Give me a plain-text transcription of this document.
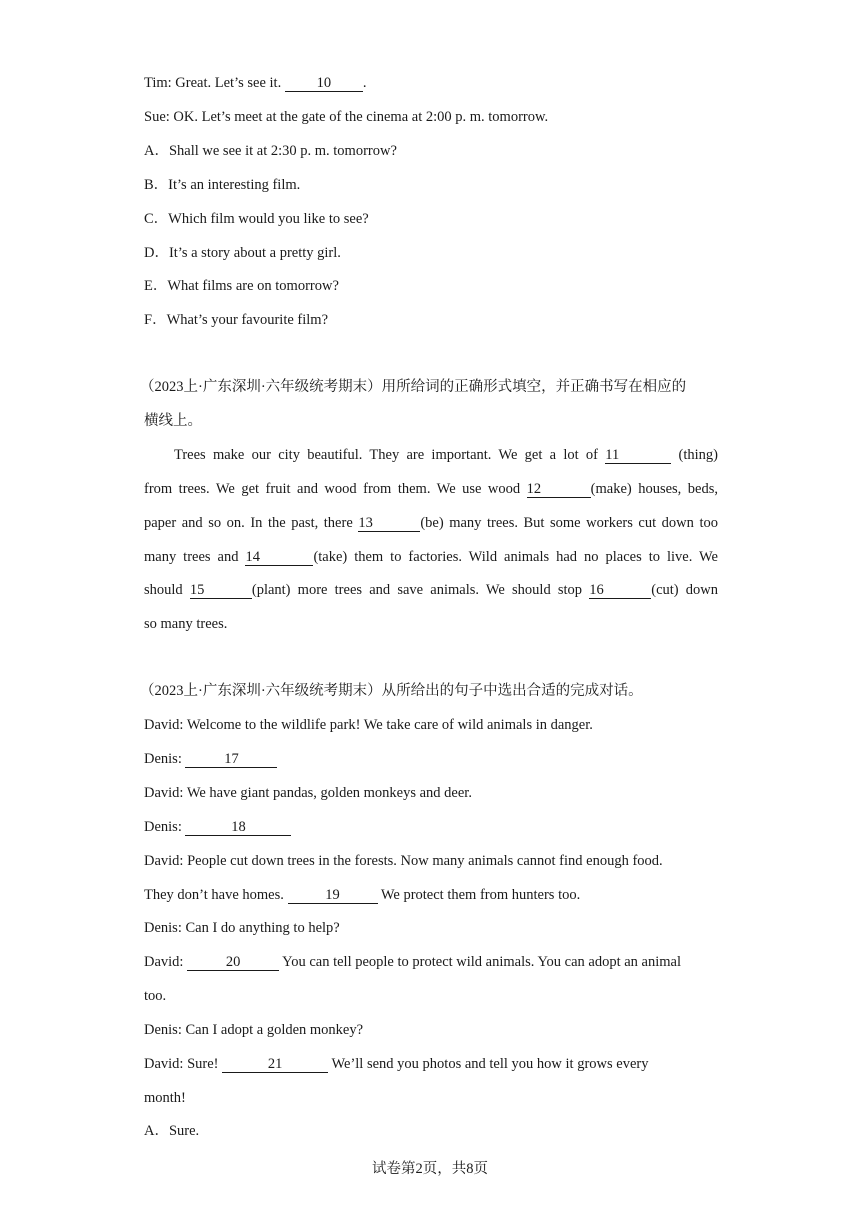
Tim: Great. Let’s see it. 10 .
Sue: OK. Let’s meet at the gate of the cinema at 2:00 p. m. tomorrow.
A．Shall we see it at 2:30 p. m. tomorrow?
B．It’s an interesting film.
C．Which film would you like to see?
D．It’s a story about a pretty girl.
E．What films are on tomorrow?
F．What’s your favourite film?
（2023上·广东深圳·六年级统考期末）用所给词的正确形式填空，并正确书写在相应的
横线上。
Trees make our city beautiful. They are important. We get a lot of 11	(thing)
from trees. We get fruit and wood from them. We use wood 12	(make) houses, beds,
paper and so on. In the past, there 13	(be) many trees. But some workers cut down too
many trees and 14	(take) them to factories. Wild animals had no places to live. We
should 15	(plant) more trees and save animals. We should stop 16	(cut) down
so many trees.
（2023上·广东深圳·六年级统考期末）从所给出的句子中选出合适的完成对话。
David: Welcome to the wildlife park! We take care of wild animals in danger.
Denis:	17
David: We have giant pandas, golden monkeys and deer.
Denis:	18
David: People cut down trees in the forests. Now many animals cannot find enough food.
They don’t have homes.	19	We protect them from hunters too.
Denis: Can I do anything to help?
David:	20	You can tell people to protect wild animals. You can adopt an animal
too.
Denis: Can I adopt a golden monkey?
David: Sure!	21	We’ll send you photos and tell you how it grows every
month!
A．Sure.
试卷第2页，共8页
